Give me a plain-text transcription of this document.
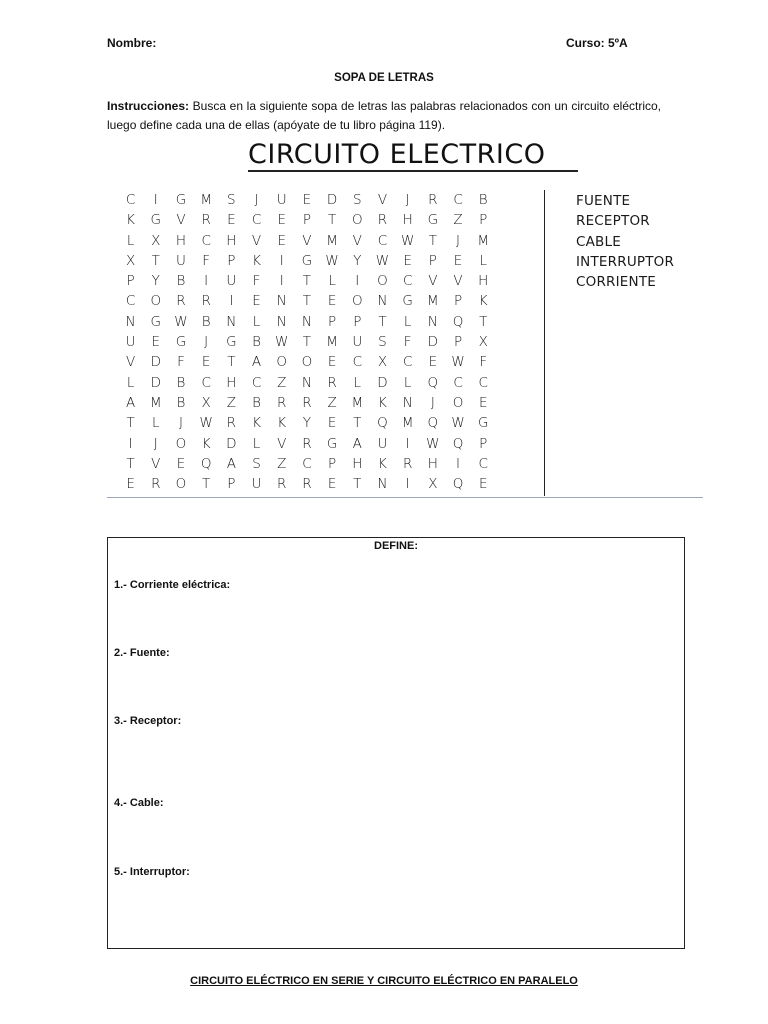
Nombre:	Curso: 5ºA
SOPA DE LETRAS
Instrucciones: Busca en la siguiente sopa de letras las palabras relacionados con un circuito eléctrico, luego define cada una de ellas (apóyate de tu libro página 119).
CIRCUITO ELECTRICO
C I G M S J U E D S V J R C B
K G V R E C E P T O R H G Z P
L X H C H V E V M V C W T J M
X T U F P K I G W Y W E P E L
P Y B I U F I T L I O C V V H
C O R R I E N T E O N G M P K
N G W B N L N N P P T L N Q T
U E G J G B W T M U S F D P X
V D F E T A O O E C X C E W F
L D B C H C Z N R L D L Q C C
A M B X Z B R R Z M K N J O E
T L J W R K K Y E T Q M Q W G
I J O K D L V R G A U I W Q P
T V E Q A S Z C P H K R H I C
E R O T P U R R E T N I X Q E
FUENTE
RECEPTOR
CABLE
INTERRUPTOR
CORRIENTE
DEFINE:
1.- Corriente eléctrica:
2.- Fuente:
3.- Receptor:
4.- Cable:
5.- Interruptor:
CIRCUITO ELÉCTRICO EN SERIE Y CIRCUITO ELÉCTRICO EN PARALELO
